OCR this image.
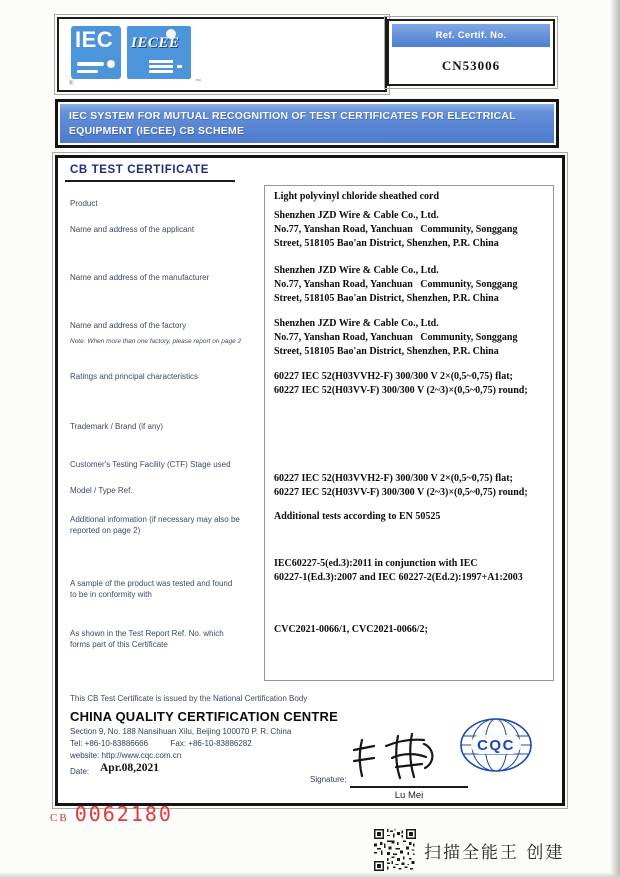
IEC
®
IECEE
™
Ref. Certif. No.
CN53006
IEC SYSTEM FOR MUTUAL RECOGNITION OF TEST CERTIFICATES FOR ELECTRICAL EQUIPMENT (IECEE) CB SCHEME
CB TEST CERTIFICATE
Light polyvinyl chloride sheathed cord
Shenzhen JZD Wire & Cable Co., Ltd.
No.77, Yanshan Road, Yanchuan   Community, Songgang
Street, 518105 Bao'an District, Shenzhen, P.R. China
Shenzhen JZD Wire & Cable Co., Ltd.
No.77, Yanshan Road, Yanchuan   Community, Songgang
Street, 518105 Bao'an District, Shenzhen, P.R. China
Shenzhen JZD Wire & Cable Co., Ltd.
No.77, Yanshan Road, Yanchuan   Community, Songgang
Street, 518105 Bao'an District, Shenzhen, P.R. China
60227 IEC 52(H03VVH2-F) 300/300 V 2×(0,5~0,75) flat;
60227 IEC 52(H03VV-F) 300/300 V (2~3)×(0,5~0,75) round;
60227 IEC 52(H03VVH2-F) 300/300 V 2×(0,5~0,75) flat;
60227 IEC 52(H03VV-F) 300/300 V (2~3)×(0,5~0,75) round;
Additional tests according to EN 50525
IEC60227-5(ed.3):2011 in conjunction with IEC
60227-1(Ed.3):2007 and IEC 60227-2(Ed.2):1997+A1:2003
CVC2021-0066/1, CVC2021-0066/2;
Product
Name and address of the applicant
Name and address of the manufacturer
Name and address of the factory
Note: When more than one factory, please report on page 2
Ratings and principal characteristics
Trademark / Brand (if any)
Customer's Testing Facility (CTF) Stage used
Model / Type Ref.
Additional information (if necessary may also be
reported on page 2)
A sample of the product was tested and found
to be in conformity with
As shown in the Test Report Ref. No. which
forms part of this Certificate
This CB Test Certificate is issued by the National Certification Body
CHINA QUALITY CERTIFICATION CENTRE
Section 9, No. 188 Nansihuan Xilu, Beijing 100070 P. R. China
Tel: +86-10-83886666	Fax: +86-10-83886282
website: http://www.cqc.com.cn
Date: Apr.08,2021
Signature:
Lu Mei
CQC
CB 0062180
扫描全能王 创建
